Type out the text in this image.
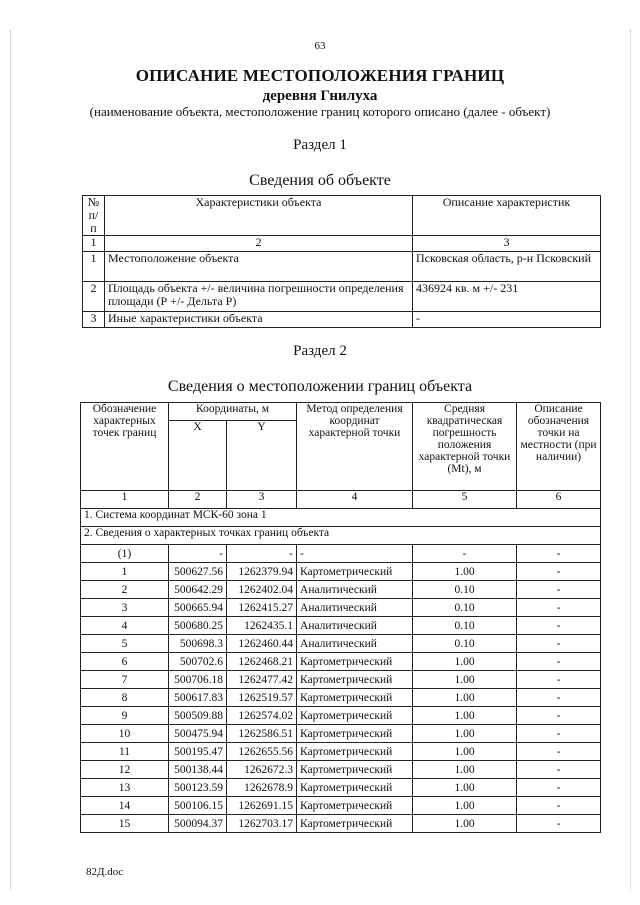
63
ОПИСАНИЕ МЕСТОПОЛОЖЕНИЯ ГРАНИЦ
деревня Гнилуха
(наименование объекта, местоположение границ которого описано (далее - объект)
Раздел 1
Сведения об объекте
№ п/п	Характеристики объекта	Описание характеристик
1	2	3
1	Местоположение объекта	Псковская область, р-н Псковский
2	Площадь объекта +/- величина погрешности определения площади (Р +/- Дельта Р)	436924 кв. м +/- 231
3	Иные характеристики объекта	-
Раздел 2
Сведения о местоположении границ объекта
Обозначение характерных точек границ	Координаты, м		Метод определения координат характерной точки	Средняя квадратическая погрешность положения характерной точки (Mt), м	Описание обозначения точки на местности (при наличии)
	X	Y			
1	2	3	4	5	6
1. Система координат МСК-60 зона 1					
2. Сведения о характерных точках границ объекта					
(1)	-	-	-	-	-
1	500627.56	1262379.94	Картометрический	1.00	-
2	500642.29	1262402.04	Аналитический	0.10	-
3	500665.94	1262415.27	Аналитический	0.10	-
4	500680.25	1262435.1	Аналитический	0.10	-
5	500698.3	1262460.44	Аналитический	0.10	-
6	500702.6	1262468.21	Картометрический	1.00	-
7	500706.18	1262477.42	Картометрический	1.00	-
8	500617.83	1262519.57	Картометрический	1.00	-
9	500509.88	1262574.02	Картометрический	1.00	-
10	500475.94	1262586.51	Картометрический	1.00	-
11	500195.47	1262655.56	Картометрический	1.00	-
12	500138.44	1262672.3	Картометрический	1.00	-
13	500123.59	1262678.9	Картометрический	1.00	-
14	500106.15	1262691.15	Картометрический	1.00	-
15	500094.37	1262703.17	Картометрический	1.00	-
82Д.doc
